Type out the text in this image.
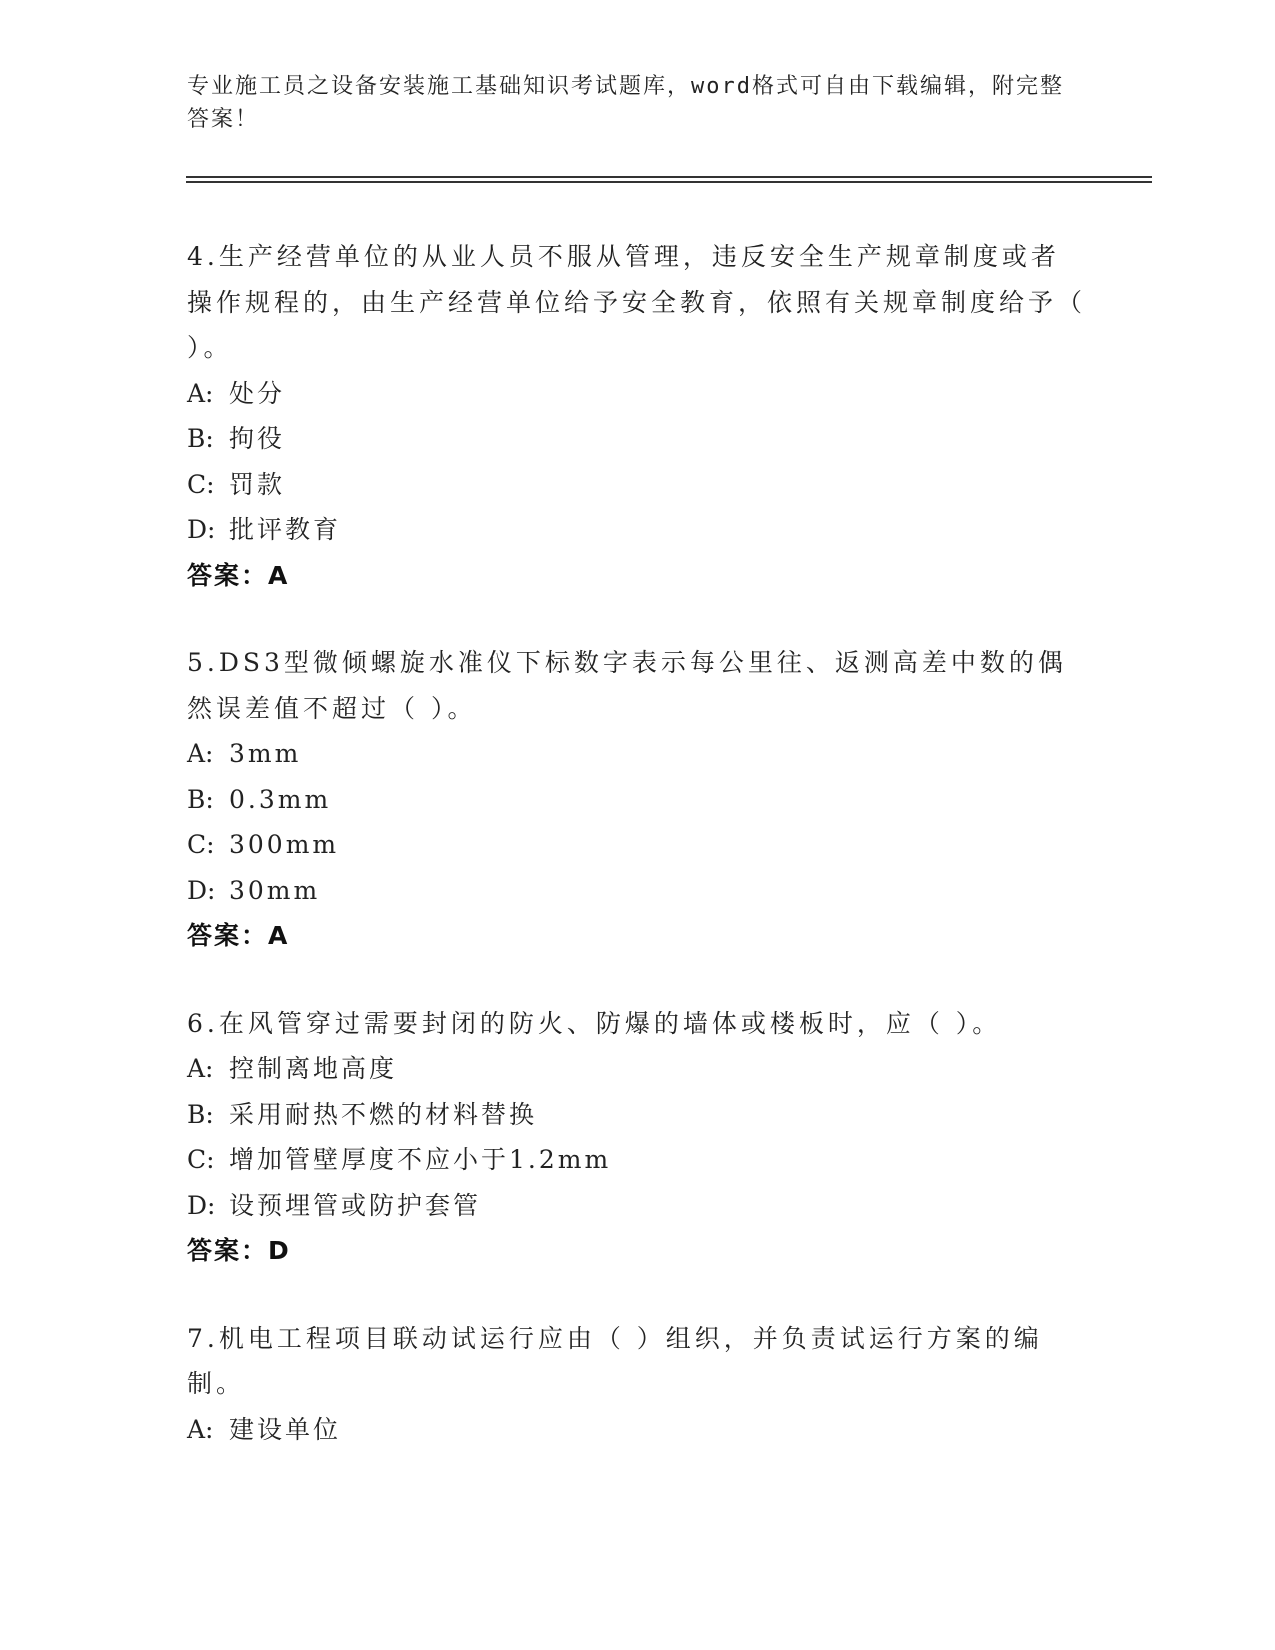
专业施工员之设备安装施工基础知识考试题库，word格式可自由下载编辑，附完整答案！
4.生产经营单位的从业人员不服从管理，违反安全生产规章制度或者操作规程的，由生产经营单位给予安全教育，依照有关规章制度给予（ ）。
A: 处分
B: 拘役
C: 罚款
D: 批评教育
答案：A
5.DS3型微倾螺旋水准仪下标数字表示每公里往、返测高差中数的偶然误差值不超过（ ）。
A: 3mm
B: 0.3mm
C: 300mm
D: 30mm
答案：A
6.在风管穿过需要封闭的防火、防爆的墙体或楼板时，应（ ）。
A: 控制离地高度
B: 采用耐热不燃的材料替换
C: 增加管壁厚度不应小于1.2mm
D: 设预埋管或防护套管
答案：D
7.机电工程项目联动试运行应由（ ）组织，并负责试运行方案的编制。
A: 建设单位
